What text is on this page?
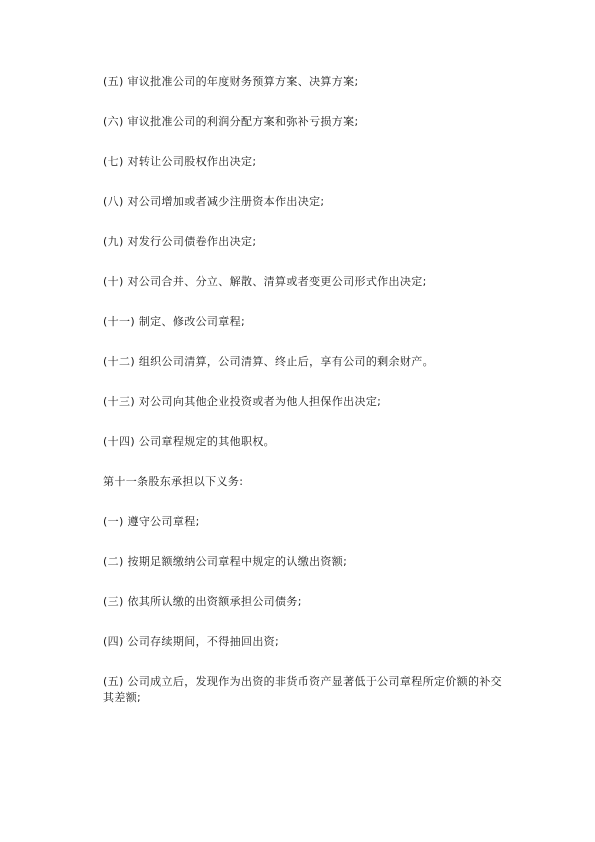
(五) 审议批准公司的年度财务预算方案、决算方案;

(六) 审议批准公司的利润分配方案和弥补亏损方案;

(七) 对转让公司股权作出决定;

(八) 对公司增加或者减少注册资本作出决定;

(九) 对发行公司债卷作出决定;

(十) 对公司合并、分立、解散、清算或者变更公司形式作出决定;

(十一) 制定、修改公司章程;

(十二) 组织公司清算，公司清算、终止后，享有公司的剩余财产。

(十三) 对公司向其他企业投资或者为他人担保作出决定;

(十四) 公司章程规定的其他职权。

第十一条股东承担以下义务:

(一) 遵守公司章程;

(二) 按期足额缴纳公司章程中规定的认缴出资额;

(三) 依其所认缴的出资额承担公司债务;

(四) 公司存续期间，不得抽回出资;

(五) 公司成立后，发现作为出资的非货币资产显著低于公司章程所定价额的补交其差额;
